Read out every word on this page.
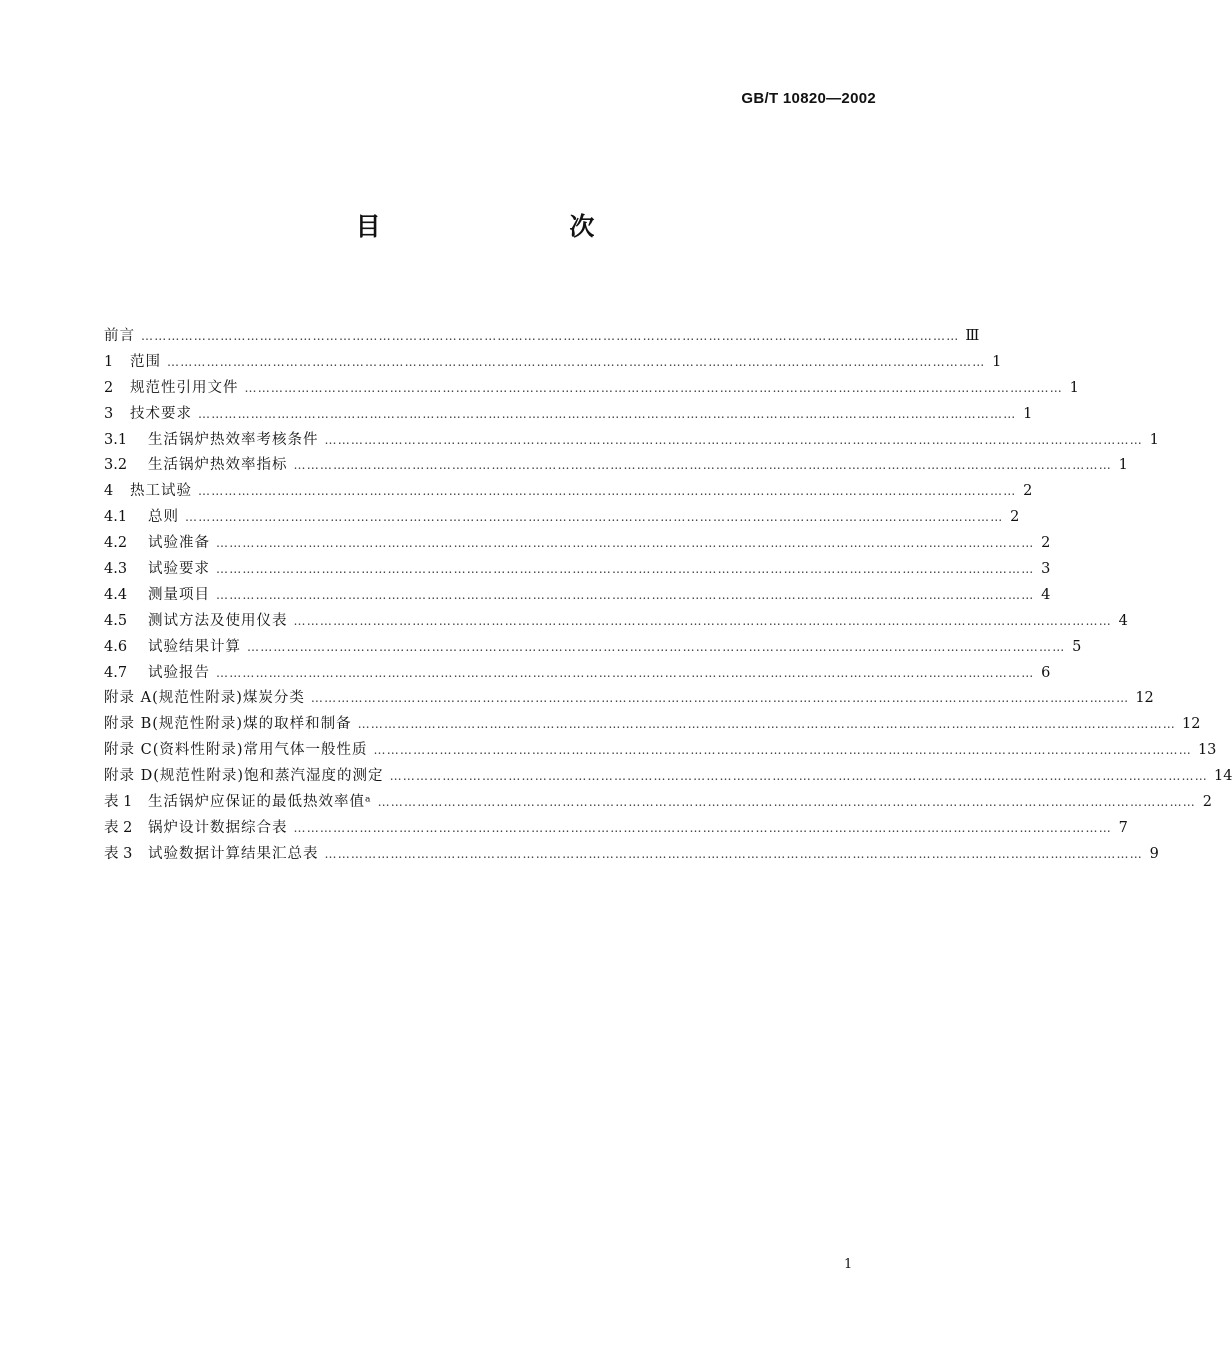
GB/T 10820—2002
目 次
前言 …………………………………………………………………………………………………………………………………………………………………… Ⅲ
1	范围 …………………………………………………………………………………………………………………………………………………………………… 1
2	规范性引用文件 …………………………………………………………………………………………………………………………………………………………………… 1
3	技术要求 …………………………………………………………………………………………………………………………………………………………………… 1
3.1	生活锅炉热效率考核条件 …………………………………………………………………………………………………………………………………………………………………… 1
3.2	生活锅炉热效率指标 …………………………………………………………………………………………………………………………………………………………………… 1
4	热工试验 …………………………………………………………………………………………………………………………………………………………………… 2
4.1	总则 …………………………………………………………………………………………………………………………………………………………………… 2
4.2	试验准备 …………………………………………………………………………………………………………………………………………………………………… 2
4.3	试验要求 …………………………………………………………………………………………………………………………………………………………………… 3
4.4	测量项目 …………………………………………………………………………………………………………………………………………………………………… 4
4.5	测试方法及使用仪表 …………………………………………………………………………………………………………………………………………………………………… 4
4.6	试验结果计算 …………………………………………………………………………………………………………………………………………………………………… 5
4.7	试验报告 …………………………………………………………………………………………………………………………………………………………………… 6
附录 A(规范性附录) 煤炭分类 …………………………………………………………………………………………………………………………………………………………………… 12
附录 B(规范性附录) 煤的取样和制备 …………………………………………………………………………………………………………………………………………………………………… 12
附录 C(资料性附录) 常用气体一般性质 …………………………………………………………………………………………………………………………………………………………………… 13
附录 D(规范性附录) 饱和蒸汽湿度的测定 …………………………………………………………………………………………………………………………………………………………………… 14
表 1	生活锅炉应保证的最低热效率值ᵃ …………………………………………………………………………………………………………………………………………………………………… 2
表 2	锅炉设计数据综合表 …………………………………………………………………………………………………………………………………………………………………… 7
表 3	试验数据计算结果汇总表 …………………………………………………………………………………………………………………………………………………………………… 9
1
